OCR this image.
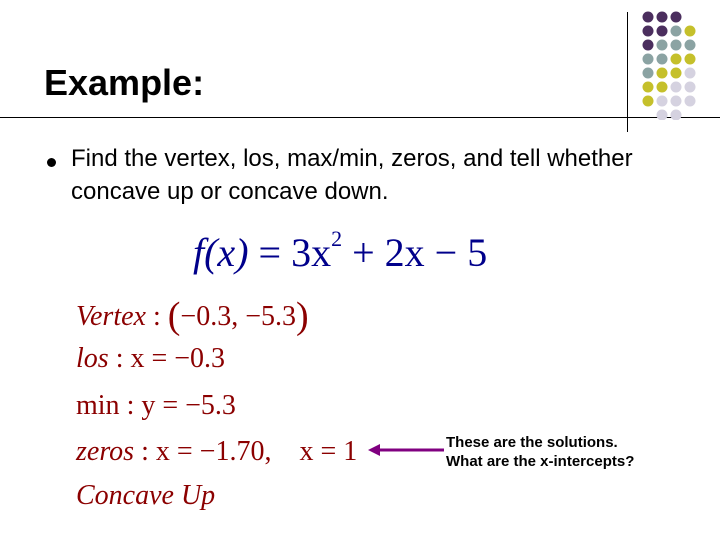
Example:
Find the vertex, los, max/min, zeros, and tell whether concave up or concave down.
$f(x) = 3x^2 + 2x - 5$
Vertex : (−0.3, −5.3)
los : x = −0.3
min : y = −5.3
zeros : x = −1.70, x = 1
Concave Up
These are the solutions.
What are the x-intercepts?
